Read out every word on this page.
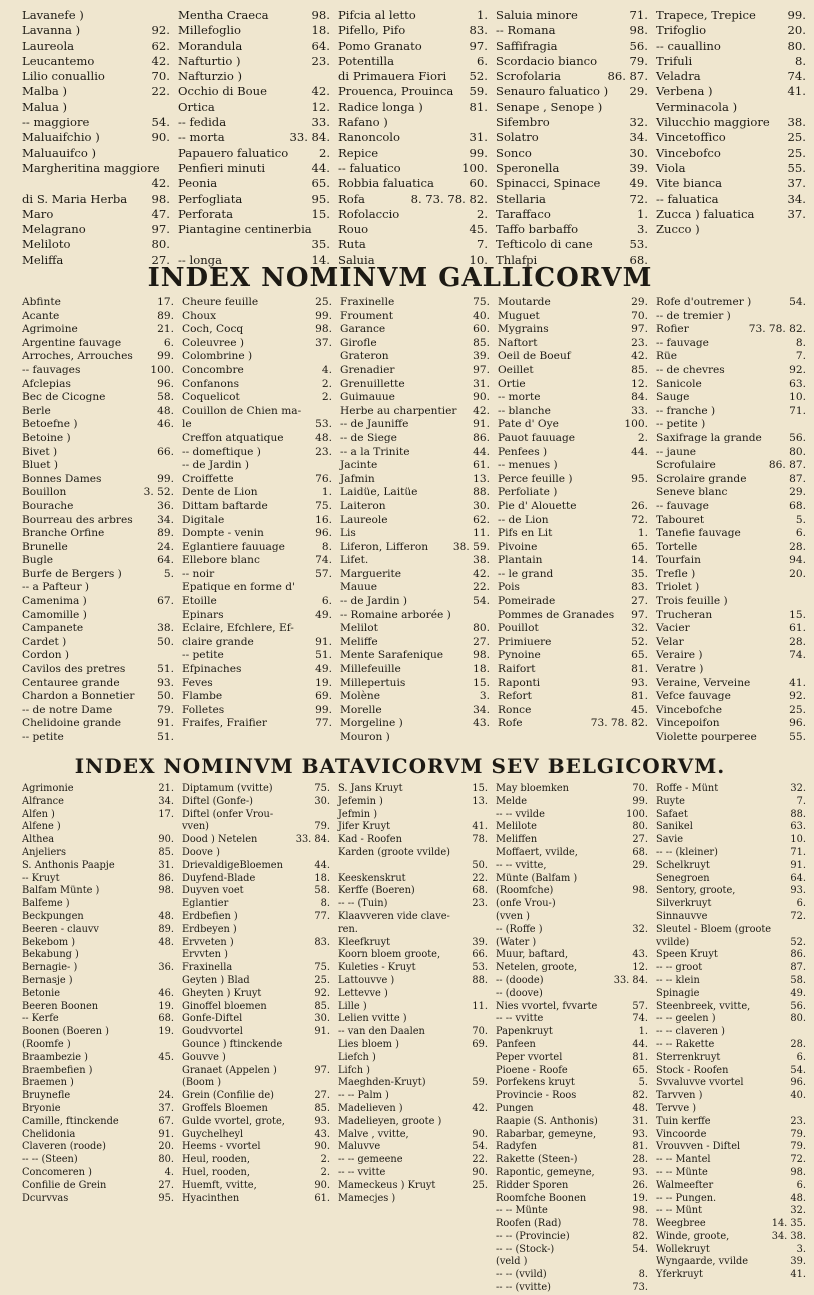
Lavanefe )
Lavanna )	92.
Laureola	62.
Leucantemo	42.
Lilio conuallio	70.
Malba )	22.
Malua )
-- maggiore	54.
Maluaifchio )	90.
Maluauifco )
Margheritina maggiore
42.
di S. Maria Herba	98.
Maro	47.
Melagrano	97.
Meliloto	80.
Meliffa	27.
Mentha Craeca	98.
Millefoglio	18.
Morandula	64.
Nafturtio )	23.
Nafturzio )
Occhio di Boue	42.
Ortica	12.
-- fedida	33.
-- morta	33. 84.
Papauero faluatico	2.
Penfieri minuti	44.
Peonia	65.
Perfogliata	95.
Perforata	15.
Piantagine centinerbia
35.
-- longa	14.
Pifcia al letto	1.
Pifello, Pifo	83.
Pomo Granato	97.
Potentilla	6.
di Primauera Fiori	52.
Prouenca, Prouinca	59.
Radice longa )	81.
Rafano )
Ranoncolo	31.
Repice	99.
-- faluatico	100.
Robbia faluatica	60.
Rofa	8. 73. 78. 82.
Rofolaccio	2.
Rouo	45.
Ruta	7.
Saluia	10.
Saluia minore	71.
-- Romana	98.
Saffifragia	56.
Scordacio bianco	79.
Scrofolaria	86. 87.
Senauro faluatico )	29.
Senape , Senope )
Sifembro	32.
Solatro	34.
Sonco	30.
Speronella	39.
Spinacci, Spinace	49.
Stellaria	72.
Taraffaco	1.
Taffo barbaffo	3.
Tefticolo di cane	53.
Thlafpi	68.
Trapece, Trepice	99.
Trifoglio	20.
-- cauallino	80.
Trifuli	8.
Veladra	74.
Verbena )	41.
Verminacola )
Vilucchio maggiore	38.
Vincetoffico	25.
Vincebofco	25.
Viola	55.
Vite bianca	37.
-- faluatica	34.
Zucca ) faluatica	37.
Zucco )
INDEX NOMINVM GALLICORVM
Abfinte	17.
Acante	89.
Agrimoine	21.
Argentine fauvage	6.
Arroches, Arrouches	99.
-- fauvages	100.
Afclepias	96.
Bec de Cicogne	58.
Berle	48.
Betoefne )	46.
Betoine )
Bivet )	66.
Bluet )
Bonnes Dames	99.
Bouillon	3. 52.
Bourache	36.
Bourreau des arbres	34.
Branche Orfine	89.
Brunelle	24.
Bugle	64.
Burfe de Bergers )	5.
-- a Pafteur )
Camenima )	67.
Camomille )
Campanete	38.
Cardet )	50.
Cordon )
Cavilos des pretres	51.
Centauree grande	93.
Chardon a Bonnetier	50.
-- de notre Dame	79.
Chelidoine grande	91.
-- petite	51.
Cheure feuille	25.
Choux	99.
Coch, Cocq	98.
Coleuvree )	37.
Colombrine )
Concombre	4.
Confanons	2.
Coquelicot	2.
Couillon de Chien ma-
le	53.
Creffon atquatique	48.
-- domeftique )	23.
-- de Jardin )
Croiffette	76.
Dente de Lion	1.
Dittam baftarde	75.
Digitale	16.
Dompte - venin	96.
Eglantiere fauuage	8.
Ellebore blanc	74.
-- noir	57.
Epatique en forme d'
Etoille	6.
Epinars	49.
Eclaire, Efchlere, Ef-
claire grande	91.
-- petite	51.
Efpinaches	49.
Feves	19.
Flambe	69.
Folletes	99.
Fraifes, Fraifier	77.
Fraxinelle	75.
Froument	40.
Garance	60.
Girofle	85.
Grateron	39.
Grenadier	97.
Grenuillette	31.
Guimauue	90.
Herbe au charpentier	42.
-- de Jauniffe	91.
-- de Siege	86.
-- a la Trinite	44.
Jacinte	61.
Jafmin	13.
Laidüe, Laitüe	88.
Laiteron	30.
Laureole	62.
Lis	11.
Liferon, Lifferon	38. 59.
Lifet.	38.
Marguerite	42.
Mauue	22.
-- de Jardin )	54.
-- Romaine arborée )
Melilot	80.
Meliffe	27.
Mente Sarafenique	98.
Millefeuille	18.
Millepertuis	15.
Molène	3.
Morelle	34.
Morgeline )	43.
Mouron )
Moutarde	29.
Muguet	70.
Mygrains	97.
Naftort	23.
Oeil de Boeuf	42.
Oeillet	85.
Ortie	12.
-- morte	84.
-- blanche	33.
Pate d' Oye	100.
Pauot fauuage	2.
Penfees )	44.
-- menues )
Perce feuille )	95.
Perfoliate )
Pie d' Alouette	26.
-- de Lion	72.
Pifs en Lit	1.
Pivoine	65.
Plantain	14.
-- le grand	35.
Pois	83.
Pomeirade	27.
Pommes de Granades	97.
Pouillot	32.
Primiuere	52.
Pynoine	65.
Raifort	81.
Raponti	93.
Refort	81.
Ronce	45.
Rofe	73. 78. 82.
Rofe d'outremer )	54.
-- de tremier )
Rofier	73. 78. 82.
-- fauvage	8.
Rüe	7.
-- de chevres	92.
Sanicole	63.
Sauge	10.
-- franche )	71.
-- petite )
Saxifrage la grande	56.
-- jaune	80.
Scrofulaire	86. 87.
Scrolaire grande	87.
Seneve blanc	29.
-- fauvage	68.
Tabouret	5.
Tanefie fauvage	6.
Tortelle	28.
Tourfain	94.
Trefle )	20.
Triolet )
Trois feuille )
Trucheran	15.
Vacier	61.
Velar	28.
Veraire )	74.
Veratre )
Veraine, Verveine	41.
Vefce fauvage	92.
Vincebofche	25.
Vincepoifon	96.
Violette pourperee	55.
INDEX NOMINVM BATAVICORVM SEV BELGICORVM.
Agrimonie	21.
Alfrance	34.
Alfen )	17.
Alfene )
Althea	90.
Anjeliers	85.
S. Anthonis Paapje	31.
-- Kruyt	86.
Balfam Münte )	98.
Balfeme )
Beckpungen	48.
Beeren - clauvv	89.
Bekebom )	48.
Bekabung )
Bernagie- )	36.
Bernasje )
Betonie	46.
Beeren Boonen	19.
-- Kerfe	68.
Boonen (Boeren )	19.
(Roomfe )
Braambezie )	45.
Braembefien )
Braemen )
Bruynefle	24.
Bryonie	37.
Camille, ftinckende	67.
Chelidonia	91.
Claveren (roode)	20.
-- -- (Steen)	80.
Concomeren )	4.
Confilie de Grein	27.
Dcurvvas	95.
Diptamum (vvitte)	75.
Diftel (Gonfe-)	30.
Diftel (onfer Vrou-
vven)	79.
Dood ) Netelen	33. 84.
Doove )
DrievaldigeBloemen	44.
Duyfend-Blade	18.
Duyven voet	58.
Eglantier	8.
Erdbefien )	77.
Erdbeyen )
Ervveten )	83.
Ervvten )
Fraxinella	75.
Geyten ) Blad	25.
Gheyten ) Kruyt	92.
Ginoffel bloemen	85.
Gonfe-Diftel	30.
Goudvvortel	91.
Gounce ) ftinckende
Gouvve )
Granaet (Appelen )	97.
(Boom )
Grein (Confilie de)	27.
Groffels Bloemen	85.
Gulde vvortel, grote,	93.
Guychelheyl	43.
Heems - vvortel	90.
Heul, rooden,	2.
Huel, rooden,	2.
Huemft, vvitte,	90.
Hyacinthen	61.
S. Jans Kruyt	15.
Jefemin )	13.
Jefmin )
Jifer Kruyt	41.
Kad - Roofen	78.
Karden (groote vvilde)
50.
Keeskenskrut	22.
Kerffe (Boeren)	68.
-- -- (Tuin)	23.
Klaavveren vide clave-
ren.
Kleefkruyt	39.
Koorn bloem groote,	66.
Kuleties - Kruyt	53.
Lattouvve )	88.
Lettevve )
Lille )	11.
Lelien vvitte )
-- van den Daalen	70.
Lies bloem )	69.
Liefch )
Lifch )
Maeghden-Kruyt)	59.
-- -- Palm )
Madelieven )	42.
Madelieyen, groote )
Malve , vvitte,	90.
Maluvve	54.
-- -- gemeene	22.
-- -- vvitte	90.
Mameckeus ) Kruyt	25.
Mamecjes )
May bloemken	70.
Melde	99.
-- -- vvilde	100.
Melilote	80.
Meliffen	27.
Moffaert, vvilde,	68.
-- -- vvitte,	29.
Münte (Balfam )
(Roomfche)	98.
(onfe Vrou-)
(vven )
-- (Roffe )	32.
(Water )
Muur, baftard,	43.
Netelen, groote,	12.
-- (doode)	33. 84.
-- (doove)
Nies vvortel, fvvarte	57.
-- -- vvitte	74.
Papenkruyt	1.
Panfeen	44.
Peper vvortel	81.
Pioene - Roofe	65.
Porfekens kruyt	5.
Provincie - Roos	82.
Pungen	48.
Raapie (S. Anthonis)	31.
Rabarbar, gemeyne,	93.
Radyfen	81.
Rakette (Steen-)	28.
Rapontic, gemeyne,	93.
Ridder Sporen	26.
Roomfche Boonen	19.
-- -- Münte	98.
Roofen (Rad)	78.
-- -- (Provincie)	82.
-- -- (Stock-)	54.
(veld )
-- -- (vvild)	8.
-- -- (vvitte)	73.
Roffe - Münt	32.
Ruyte	7.
Safaet	88.
Sanikel	63.
Savie	10.
-- -- (kleiner)	71.
Schelkruyt	91.
Senegroen	64.
Sentory, groote,	93.
Silverkruyt	6.
Sinnauvve	72.
Sleutel - Bloem (groote
vvilde)	52.
Speen Kruyt	86.
-- -- groot	87.
-- -- klein	58.
Spinagie	49.
Steenbreek, vvitte,	56.
-- -- geelen )	80.
-- -- claveren )
-- -- Rakette	28.
Sterrenkruyt	6.
Stock - Roofen	54.
Svvaluvve vvortel	96.
Tarvven )	40.
Tervve )
Tuin kerffe	23.
Vincoorde	79.
Vrouvven - Diftel	79.
-- -- Mantel	72.
-- -- Münte	98.
Walmeefter	6.
-- -- Pungen.	48.
-- -- Münt	32.
Weegbree	14. 35.
Winde, groote,	34. 38.
Wollekruyt	3.
Wyngaarde, vvilde	39.
Yferkruyt	41.
